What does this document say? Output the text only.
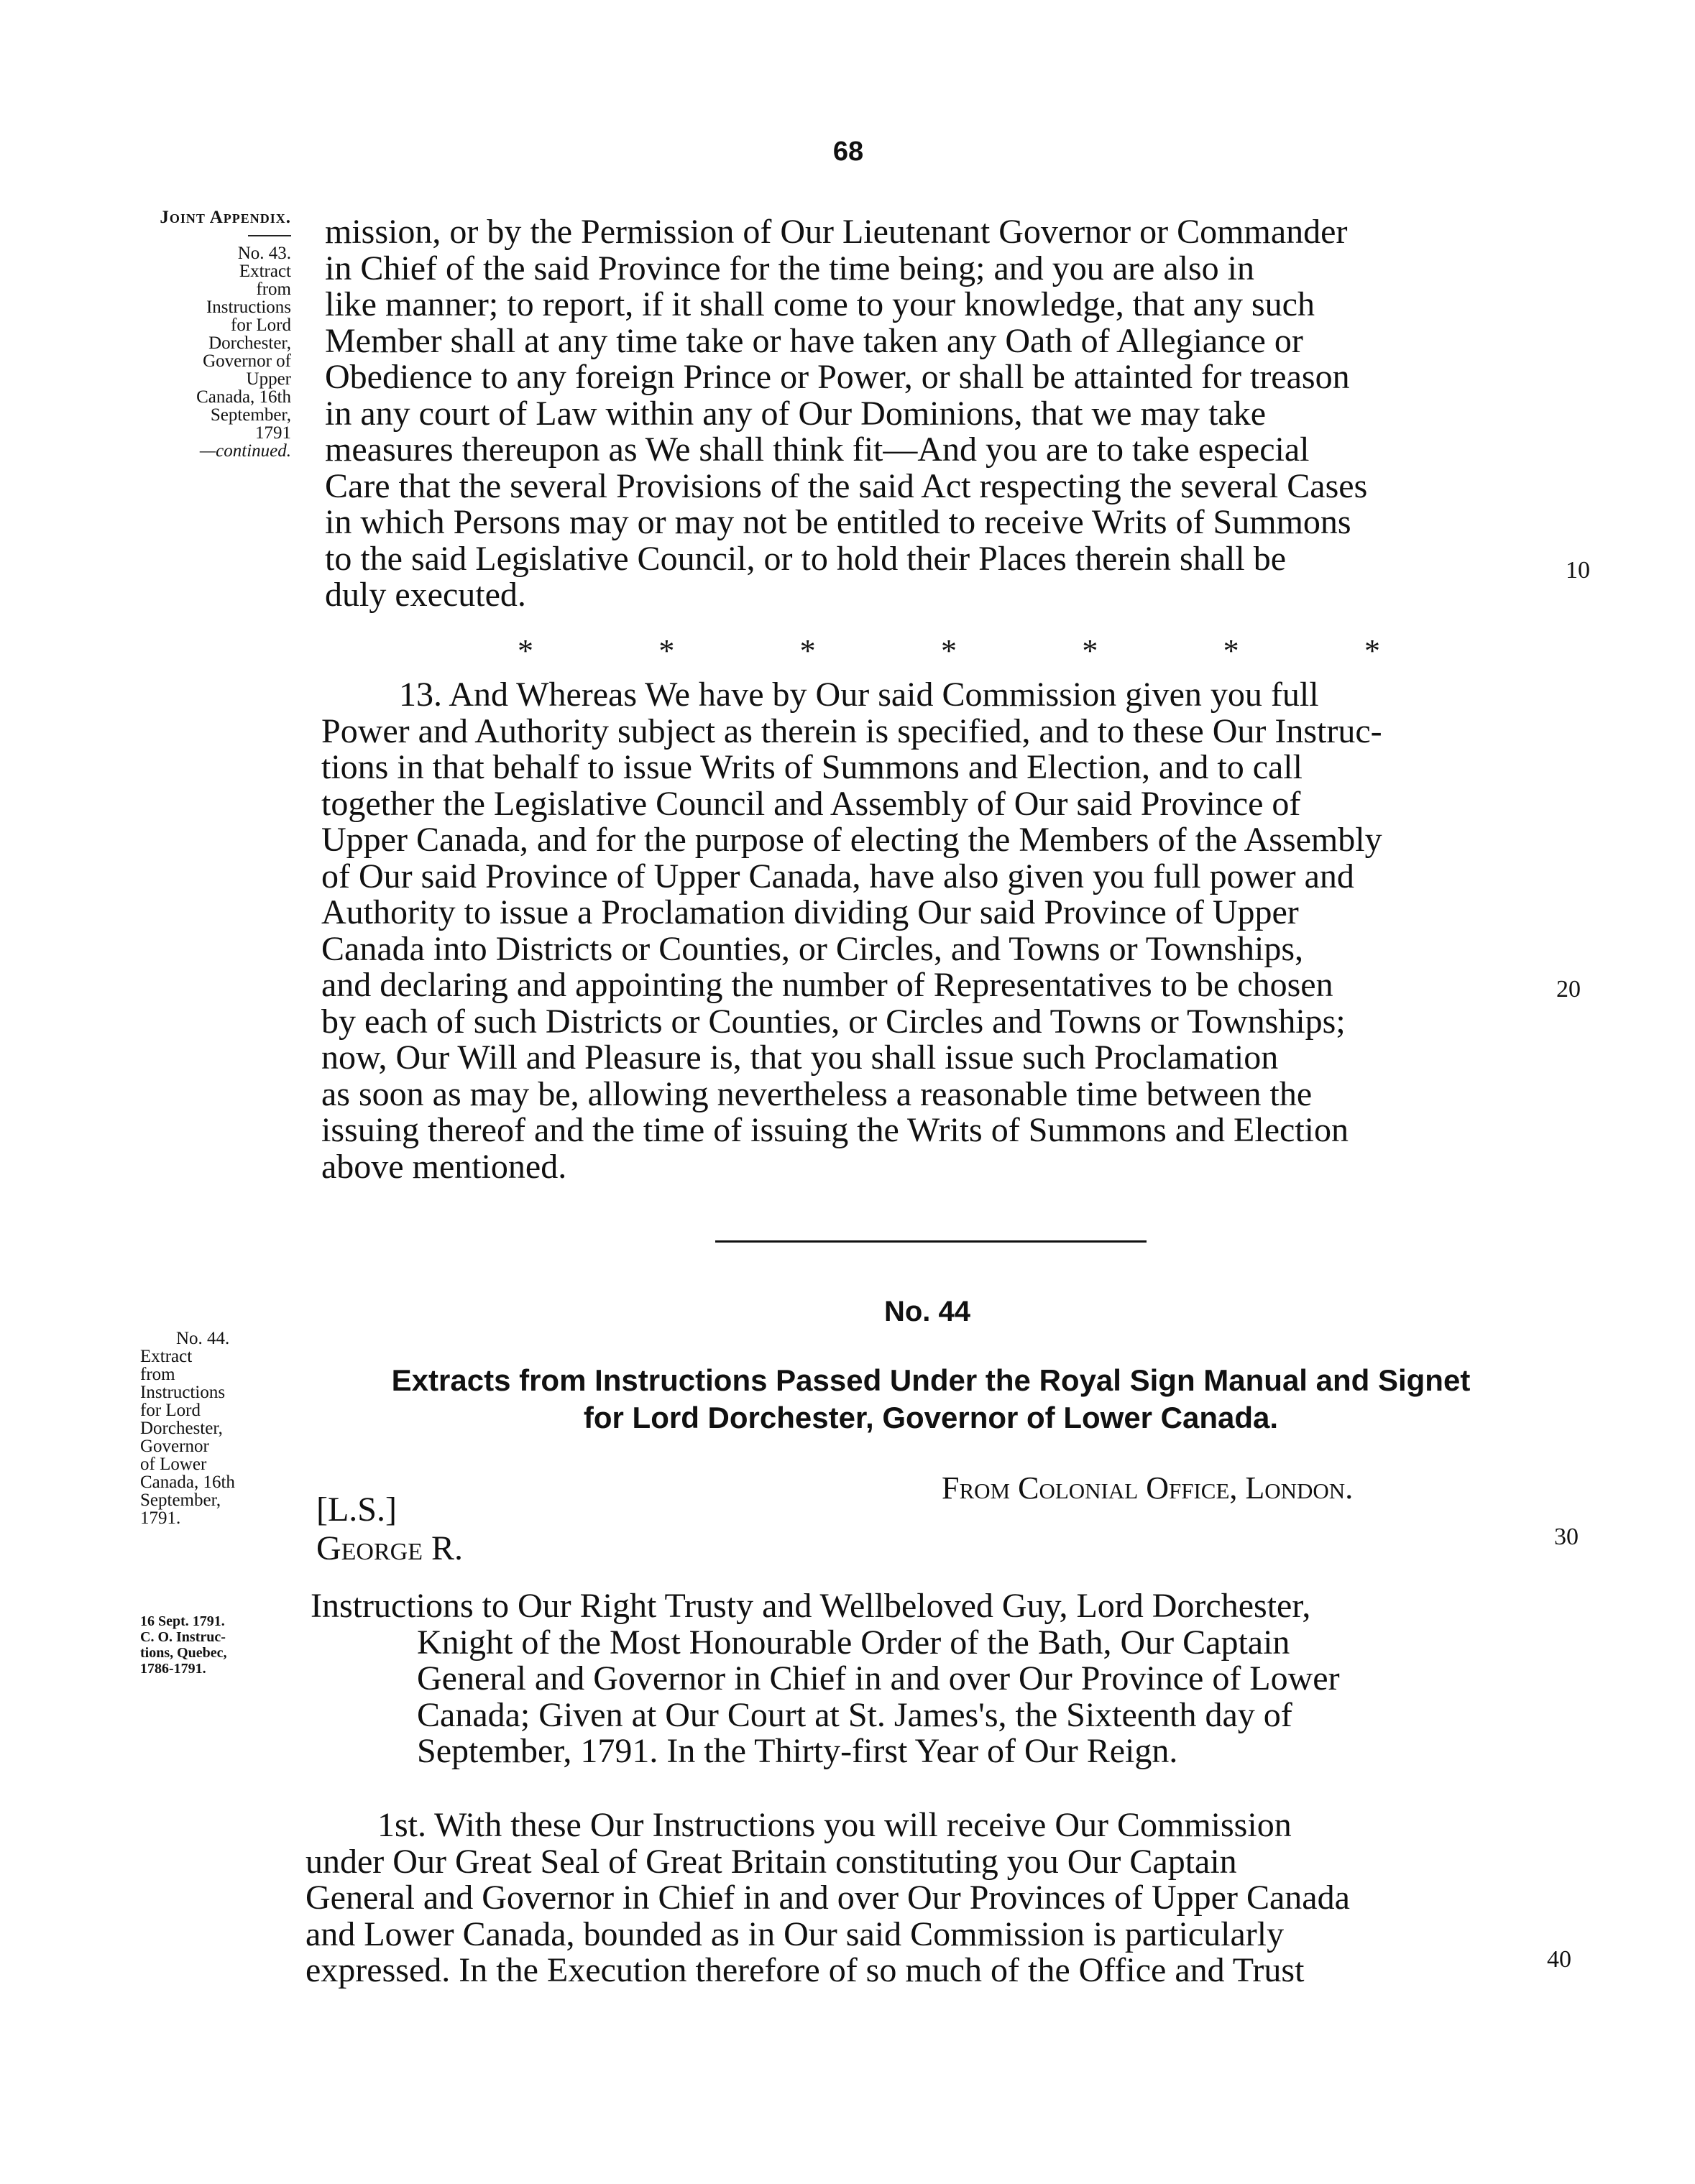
68
Joint Appendix.
No. 43.
Extract
from
Instructions
for Lord
Dorchester,
Governor of
Upper
Canada, 16th
September,
1791
—continued.
mission, or by the Permission of Our Lieutenant Governor or Commander
in Chief of the said Province for the time being; and you are also in
like manner; to report, if it shall come to your knowledge, that any such
Member shall at any time take or have taken any Oath of Allegiance or
Obedience to any foreign Prince or Power, or shall be attainted for treason
in any court of Law within any of Our Dominions, that we may take
measures thereupon as We shall think fit—And you are to take especial
Care that the several Provisions of the said Act respecting the several Cases
in which Persons may or may not be entitled to receive Writs of Summons
to the said Legislative Council, or to hold their Places therein shall be
duly executed.
10
*	*	*	*	*	*	*
13. And Whereas We have by Our said Commission given you full
Power and Authority subject as therein is specified, and to these Our Instruc-
tions in that behalf to issue Writs of Summons and Election, and to call
together the Legislative Council and Assembly of Our said Province of
Upper Canada, and for the purpose of electing the Members of the Assembly
of Our said Province of Upper Canada, have also given you full power and
Authority to issue a Proclamation dividing Our said Province of Upper
Canada into Districts or Counties, or Circles, and Towns or Townships,
and declaring and appointing the number of Representatives to be chosen
by each of such Districts or Counties, or Circles and Towns or Townships;
now, Our Will and Pleasure is, that you shall issue such Proclamation
as soon as may be, allowing nevertheless a reasonable time between the
issuing thereof and the time of issuing the Writs of Summons and Election
above mentioned.
20
No. 44
Extracts from Instructions Passed Under the Royal Sign Manual and Signet
for Lord Dorchester, Governor of Lower Canada.
No. 44.
Extract
from
Instructions
for Lord
Dorchester,
Governor
of Lower
Canada, 16th
September,
1791.
16 Sept. 1791.
C. O. Instruc-
tions, Quebec,
1786-1791.
From Colonial Office, London.
[L.S.]
George R.	30
Instructions to Our Right Trusty and Wellbeloved Guy, Lord Dorchester,
Knight of the Most Honourable Order of the Bath, Our Captain
General and Governor in Chief in and over Our Province of Lower
Canada; Given at Our Court at St. James's, the Sixteenth day of
September, 1791. In the Thirty-first Year of Our Reign.
1st. With these Our Instructions you will receive Our Commission
under Our Great Seal of Great Britain constituting you Our Captain
General and Governor in Chief in and over Our Provinces of Upper Canada
and Lower Canada, bounded as in Our said Commission is particularly
expressed. In the Execution therefore of so much of the Office and Trust	40
